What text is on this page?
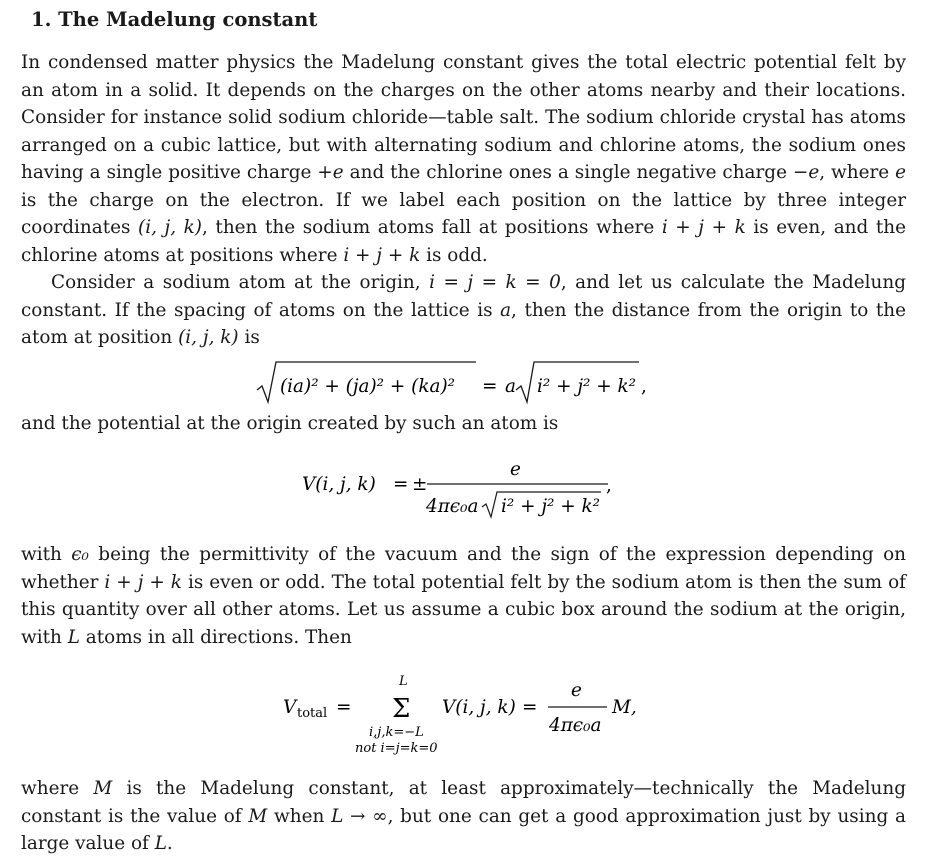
1. The Madelung constant

In condensed matter physics the Madelung constant gives the total electric potential felt by an atom in a solid. It depends on the charges on the other atoms nearby and their locations. Consider for instance solid sodium chloride—table salt. The sodium chloride crystal has atoms arranged on a cubic lattice, but with alternating sodium and chlorine atoms, the sodium ones having a single positive charge +e and the chlorine ones a single negative charge −e, where e is the charge on the electron. If we label each position on the lattice by three integer coordinates (i, j, k), then the sodium atoms fall at positions where i + j + k is even, and the chlorine atoms at positions where i + j + k is odd.

Consider a sodium atom at the origin, i = j = k = 0, and let us calculate the Madelung constant. If the spacing of atoms on the lattice is a, then the distance from the origin to the atom at position (i, j, k) is

(ia)² + (ja)² + (ka)² = a i² + j² + k² ,

and the potential at the origin created by such an atom is

V(i, j, k) = ±
e
4πϵ₀a i² + j² + k²
,

with ϵ₀ being the permittivity of the vacuum and the sign of the expression depending on whether i + j + k is even or odd. The total potential felt by the sodium atom is then the sum of this quantity over all other atoms. Let us assume a cubic box around the sodium at the origin, with L atoms in all directions. Then

V total =
L
Σ
i,j,k=−L
not i=j=k=0
V(i, j, k) =
e
4πϵ₀a
M,

where M is the Madelung constant, at least approximately—technically the Madelung constant is the value of M when L → ∞, but one can get a good approximation just by using a large value of L.
